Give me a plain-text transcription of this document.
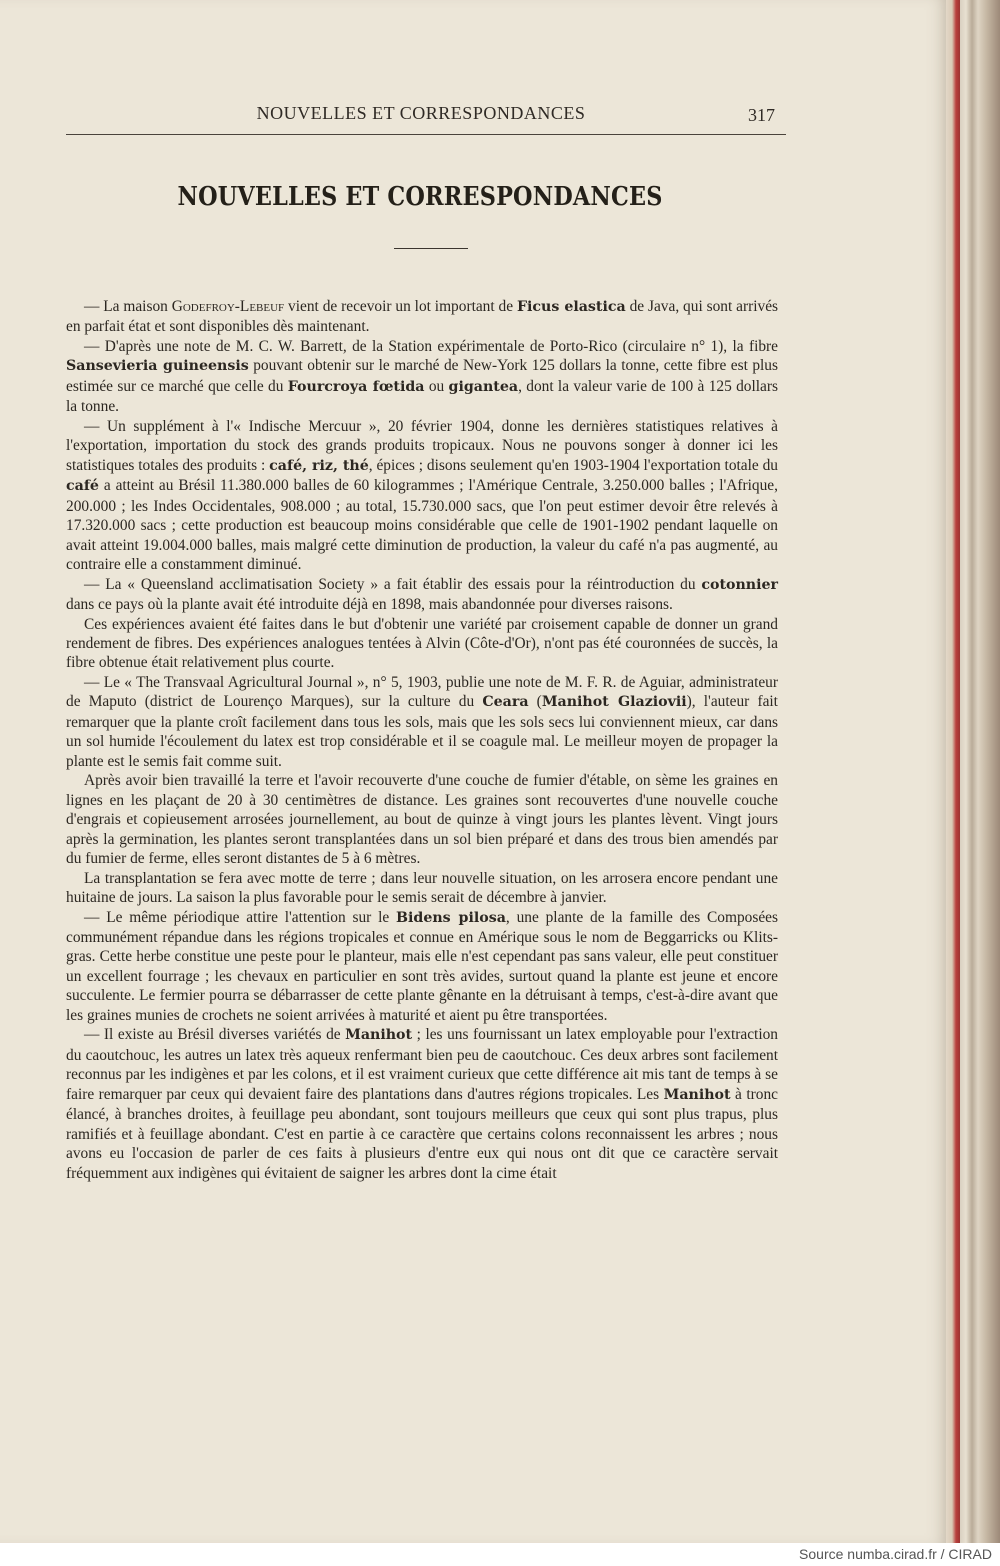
NOUVELLES ET CORRESPONDANCES	317
NOUVELLES ET CORRESPONDANCES

— La maison Godefroy-Lebeuf vient de recevoir un lot important de Ficus elastica de Java, qui sont arrivés en parfait état et sont disponibles dès maintenant.

— D'après une note de M. C. W. Barrett, de la Station expérimentale de Porto-Rico (circulaire n° 1), la fibre Sansevieria guineensis pouvant obtenir sur le marché de New-York 125 dollars la tonne, cette fibre est plus estimée sur ce marché que celle du Fourcroya fœtida ou gigantea, dont la valeur varie de 100 à 125 dollars la tonne.

— Un supplément à l'« Indische Mercuur », 20 février 1904, donne les dernières statistiques relatives à l'exportation, importation du stock des grands produits tropicaux. Nous ne pouvons songer à donner ici les statistiques totales des produits : café, riz, thé, épices ; disons seulement qu'en 1903-1904 l'exportation totale du café a atteint au Brésil 11.380.000 balles de 60 kilogrammes ; l'Amérique Centrale, 3.250.000 balles ; l'Afrique, 200.000 ; les Indes Occidentales, 908.000 ; au total, 15.730.000 sacs, que l'on peut estimer devoir être relevés à 17.320.000 sacs ; cette production est beaucoup moins considérable que celle de 1901-1902 pendant laquelle on avait atteint 19.004.000 balles, mais malgré cette diminution de production, la valeur du café n'a pas augmenté, au contraire elle a constamment diminué.

— La « Queensland acclimatisation Society » a fait établir des essais pour la réintroduction du cotonnier dans ce pays où la plante avait été introduite déjà en 1898, mais abandonnée pour diverses raisons.

Ces expériences avaient été faites dans le but d'obtenir une variété par croisement capable de donner un grand rendement de fibres. Des expériences analogues tentées à Alvin (Côte-d'Or), n'ont pas été couronnées de succès, la fibre obtenue était relativement plus courte.

— Le « The Transvaal Agricultural Journal », n° 5, 1903, publie une note de M. F. R. de Aguiar, administrateur de Maputo (district de Lourenço Marques), sur la culture du Ceara (Manihot Glaziovii), l'auteur fait remarquer que la plante croît facilement dans tous les sols, mais que les sols secs lui conviennent mieux, car dans un sol humide l'écoulement du latex est trop considérable et il se coagule mal. Le meilleur moyen de propager la plante est le semis fait comme suit.

Après avoir bien travaillé la terre et l'avoir recouverte d'une couche de fumier d'étable, on sème les graines en lignes en les plaçant de 20 à 30 centimètres de distance. Les graines sont recouvertes d'une nouvelle couche d'engrais et copieusement arrosées journellement, au bout de quinze à vingt jours les plantes lèvent. Vingt jours après la germination, les plantes seront transplantées dans un sol bien préparé et dans des trous bien amendés par du fumier de ferme, elles seront distantes de 5 à 6 mètres.

La transplantation se fera avec motte de terre ; dans leur nouvelle situation, on les arrosera encore pendant une huitaine de jours. La saison la plus favorable pour le semis serait de décembre à janvier.

— Le même périodique attire l'attention sur le Bidens pilosa, une plante de la famille des Composées communément répandue dans les régions tropicales et connue en Amérique sous le nom de Beggarricks ou Klits-gras. Cette herbe constitue une peste pour le planteur, mais elle n'est cependant pas sans valeur, elle peut constituer un excellent fourrage ; les chevaux en particulier en sont très avides, surtout quand la plante est jeune et encore succulente. Le fermier pourra se débarrasser de cette plante gênante en la détruisant à temps, c'est-à-dire avant que les graines munies de crochets ne soient arrivées à maturité et aient pu être transportées.

— Il existe au Brésil diverses variétés de Manihot ; les uns fournissant un latex employable pour l'extraction du caoutchouc, les autres un latex très aqueux renfermant bien peu de caoutchouc. Ces deux arbres sont facilement reconnus par les indigènes et par les colons, et il est vraiment curieux que cette différence ait mis tant de temps à se faire remarquer par ceux qui devaient faire des plantations dans d'autres régions tropicales. Les Manihot à tronc élancé, à branches droites, à feuillage peu abondant, sont toujours meilleurs que ceux qui sont plus trapus, plus ramifiés et à feuillage abondant. C'est en partie à ce caractère que certains colons reconnaissent les arbres ; nous avons eu l'occasion de parler de ces faits à plusieurs d'entre eux qui nous ont dit que ce caractère servait fréquemment aux indigènes qui évitaient de saigner les arbres dont la cime était

Source numba.cirad.fr / CIRAD
